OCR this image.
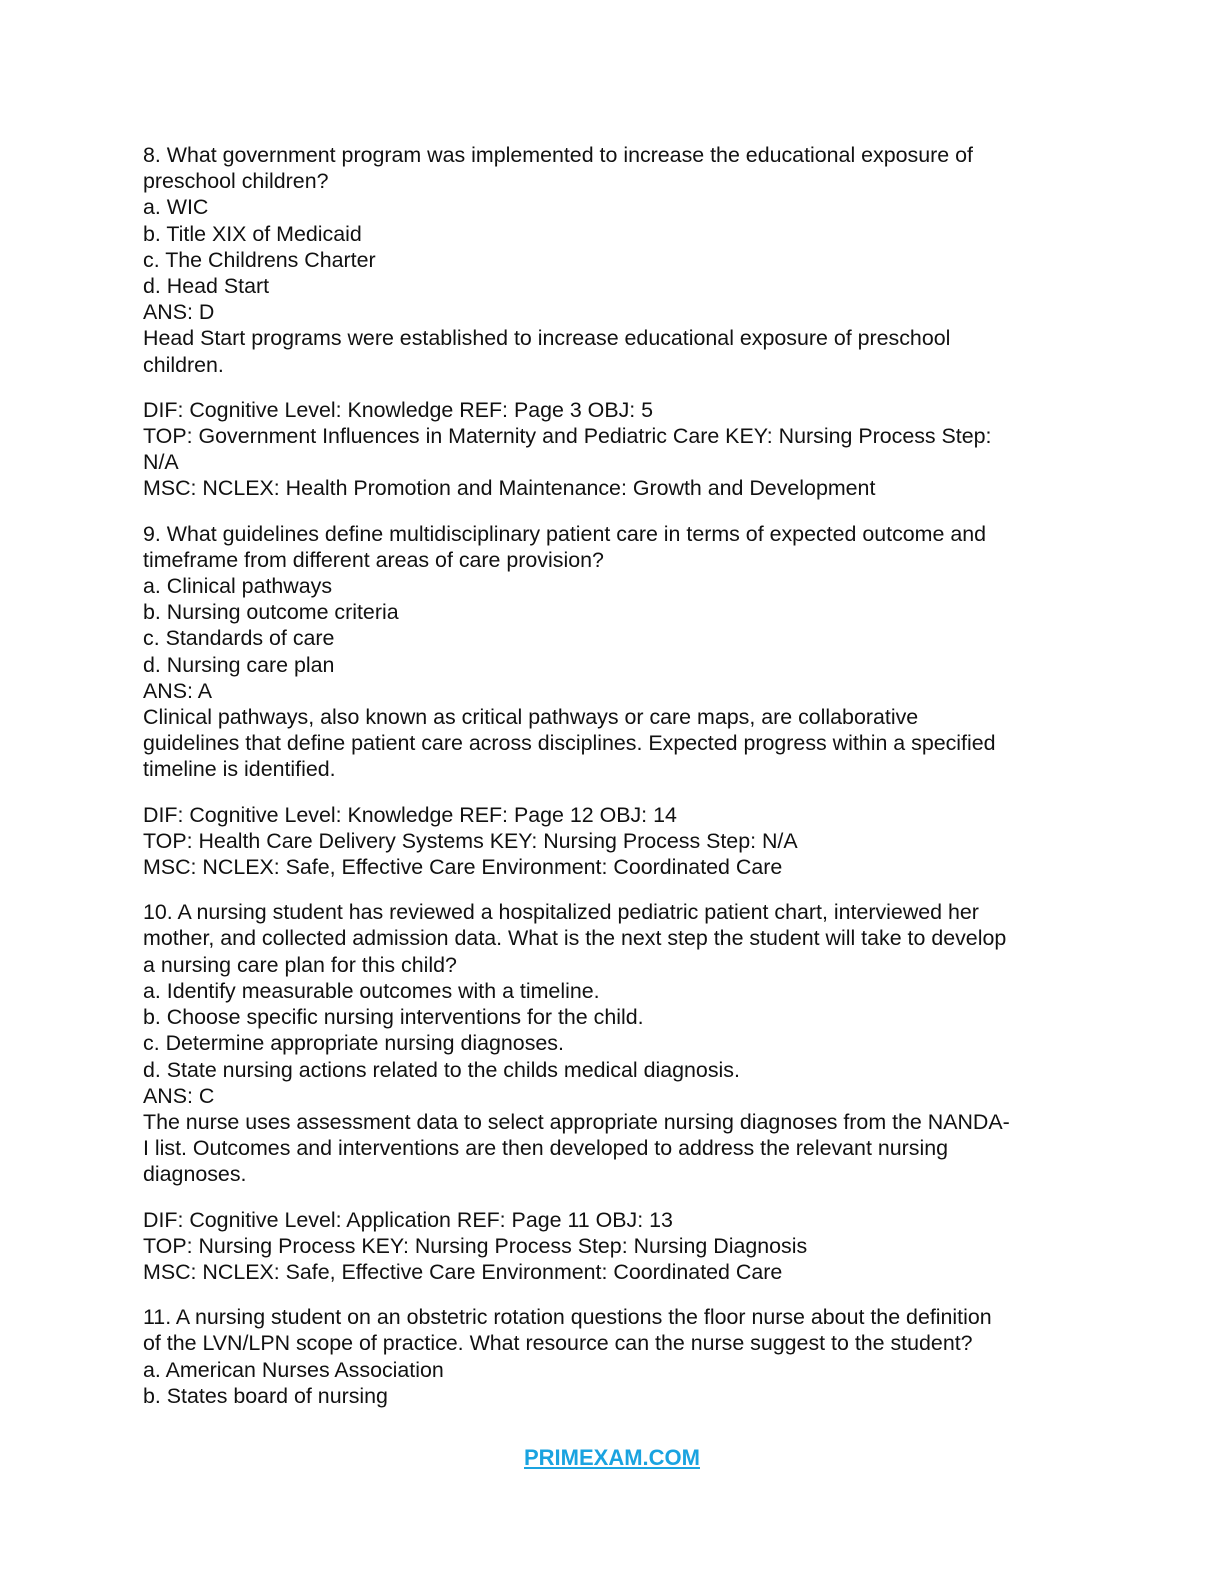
8. What government program was implemented to increase the educational exposure of
preschool children?
a. WIC
b. Title XIX of Medicaid
c. The Childrens Charter
d. Head Start
ANS: D
Head Start programs were established to increase educational exposure of preschool
children.
DIF: Cognitive Level: Knowledge REF: Page 3 OBJ: 5
TOP: Government Influences in Maternity and Pediatric Care KEY: Nursing Process Step:
N/A
MSC: NCLEX: Health Promotion and Maintenance: Growth and Development
9. What guidelines define multidisciplinary patient care in terms of expected outcome and
timeframe from different areas of care provision?
a. Clinical pathways
b. Nursing outcome criteria
c. Standards of care
d. Nursing care plan
ANS: A
Clinical pathways, also known as critical pathways or care maps, are collaborative
guidelines that define patient care across disciplines. Expected progress within a specified
timeline is identified.
DIF: Cognitive Level: Knowledge REF: Page 12 OBJ: 14
TOP: Health Care Delivery Systems KEY: Nursing Process Step: N/A
MSC: NCLEX: Safe, Effective Care Environment: Coordinated Care
10. A nursing student has reviewed a hospitalized pediatric patient chart, interviewed her
mother, and collected admission data. What is the next step the student will take to develop
a nursing care plan for this child?
a. Identify measurable outcomes with a timeline.
b. Choose specific nursing interventions for the child.
c. Determine appropriate nursing diagnoses.
d. State nursing actions related to the childs medical diagnosis.
ANS: C
The nurse uses assessment data to select appropriate nursing diagnoses from the NANDA-
I list. Outcomes and interventions are then developed to address the relevant nursing
diagnoses.
DIF: Cognitive Level: Application REF: Page 11 OBJ: 13
TOP: Nursing Process KEY: Nursing Process Step: Nursing Diagnosis
MSC: NCLEX: Safe, Effective Care Environment: Coordinated Care
11. A nursing student on an obstetric rotation questions the floor nurse about the definition
of the LVN/LPN scope of practice. What resource can the nurse suggest to the student?
a. American Nurses Association
b. States board of nursing
PRIMEXAM.COM
